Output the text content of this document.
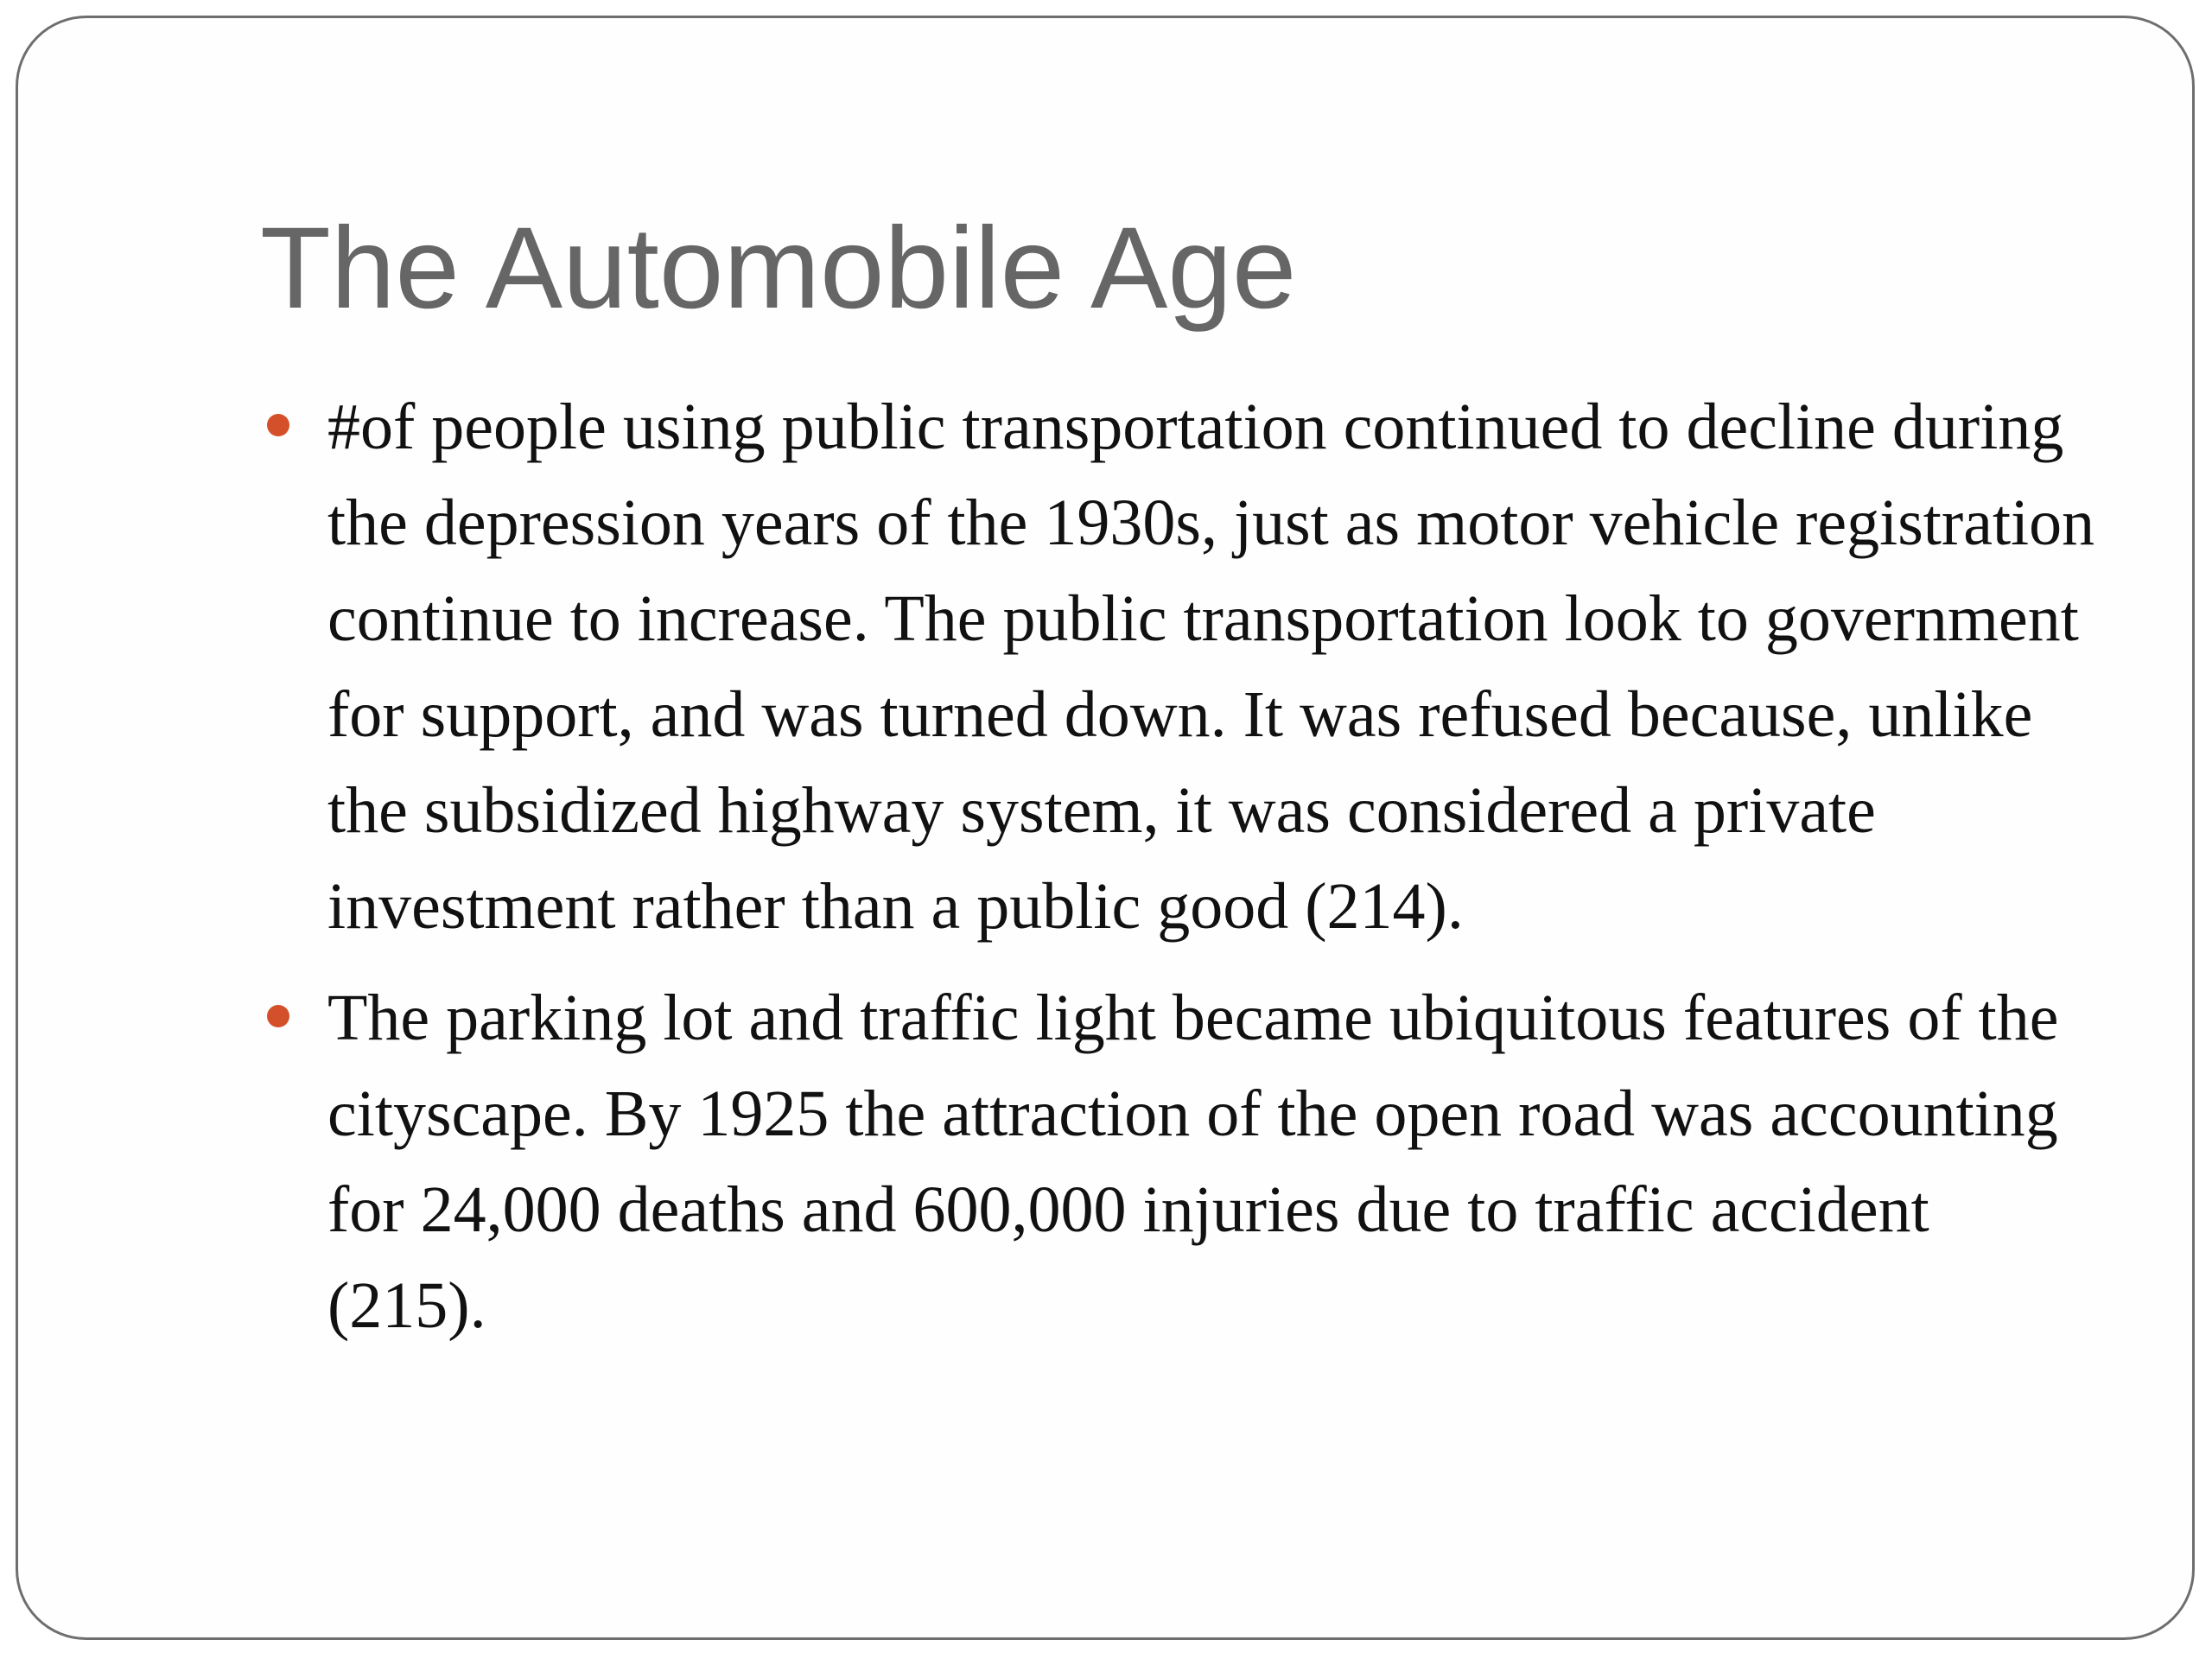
The Automobile Age
#of people using public transportation continued to decline during the depression years of the 1930s, just as motor vehicle registration continue to increase. The public transportation look to government for support, and was turned down. It was refused because, unlike the subsidized highway system, it was considered a private investment rather than a public good (214).
The parking lot and traffic light became ubiquitous features of the cityscape. By 1925 the attraction of the open road was accounting for 24,000 deaths and 600,000 injuries due to traffic accident (215).
